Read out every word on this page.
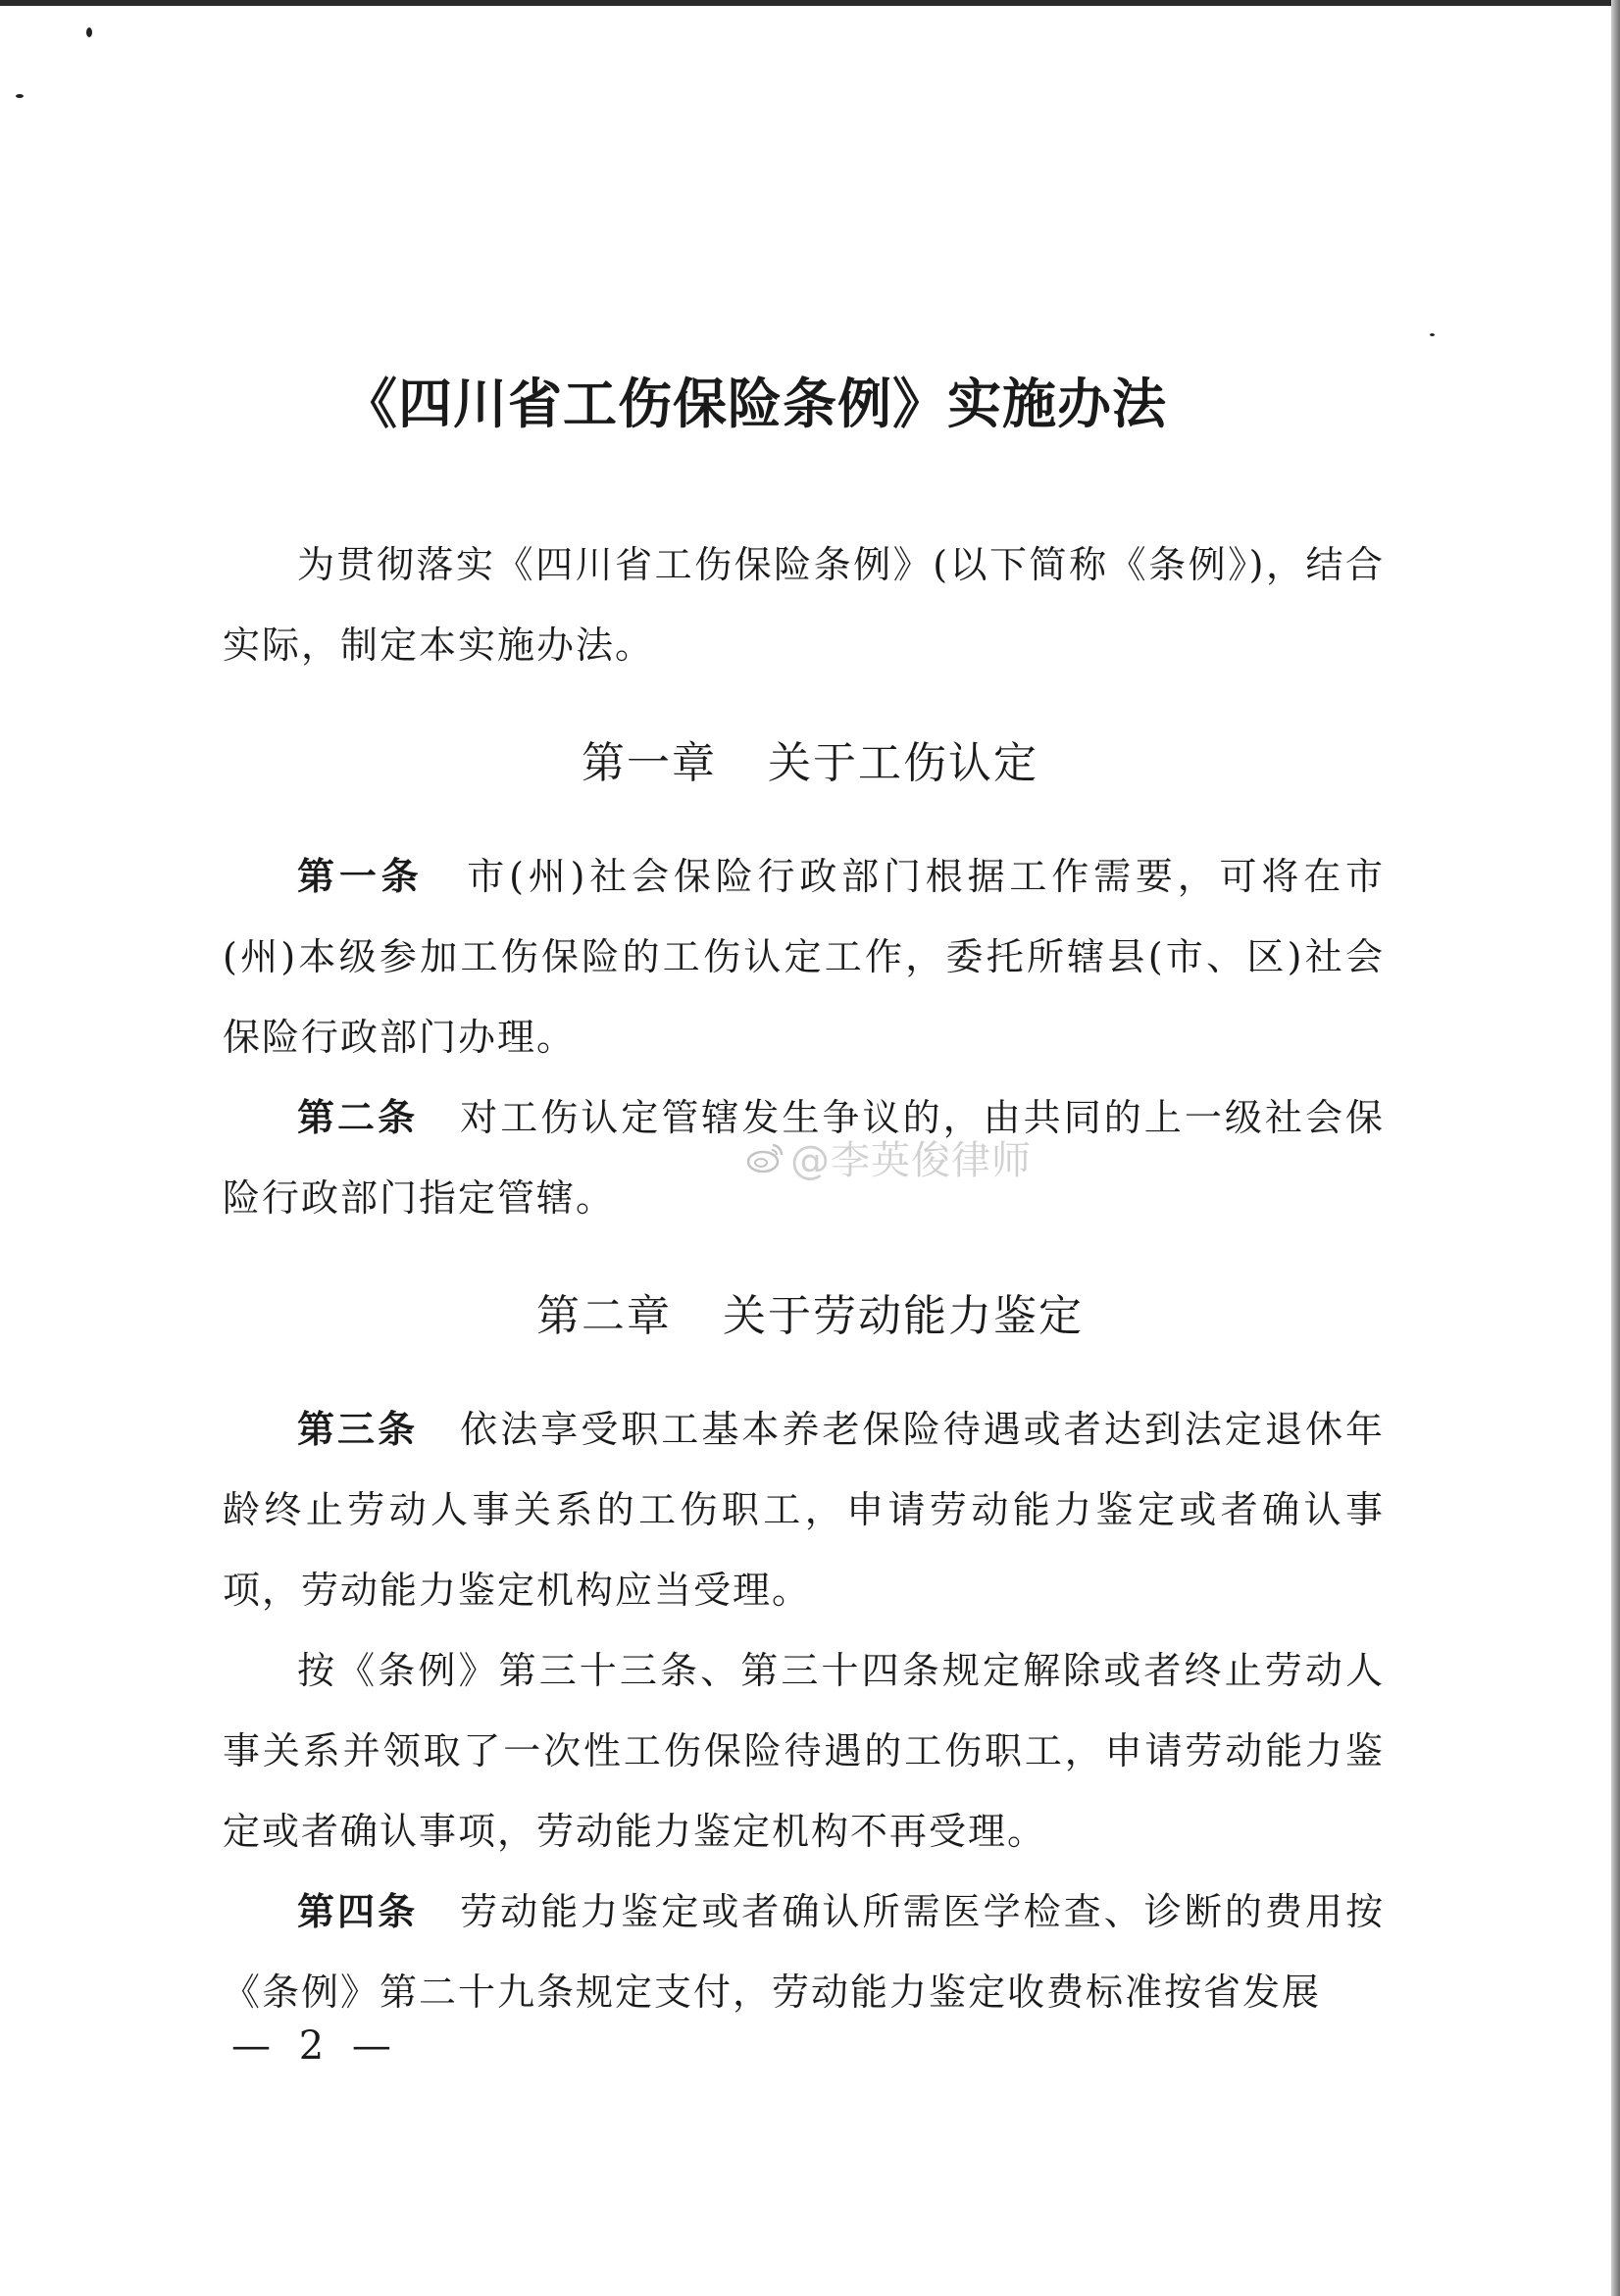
《四川省工伤保险条例》实施办法
为贯彻落实《四川省工伤保险条例》(以下简称《条例》)，结合实际，制定本实施办法。
第一章 关于工伤认定
第一条 市(州)社会保险行政部门根据工作需要，可将在市(州)本级参加工伤保险的工伤认定工作，委托所辖县(市、区)社会保险行政部门办理。
第二条 对工伤认定管辖发生争议的，由共同的上一级社会保险行政部门指定管辖。
第二章 关于劳动能力鉴定
第三条 依法享受职工基本养老保险待遇或者达到法定退休年龄终止劳动人事关系的工伤职工，申请劳动能力鉴定或者确认事项，劳动能力鉴定机构应当受理。
按《条例》第三十三条、第三十四条规定解除或者终止劳动人事关系并领取了一次性工伤保险待遇的工伤职工，申请劳动能力鉴定或者确认事项，劳动能力鉴定机构不再受理。
第四条 劳动能力鉴定或者确认所需医学检查、诊断的费用按《条例》第二十九条规定支付，劳动能力鉴定收费标准按省发展
@李英俊律师
— 2 —
